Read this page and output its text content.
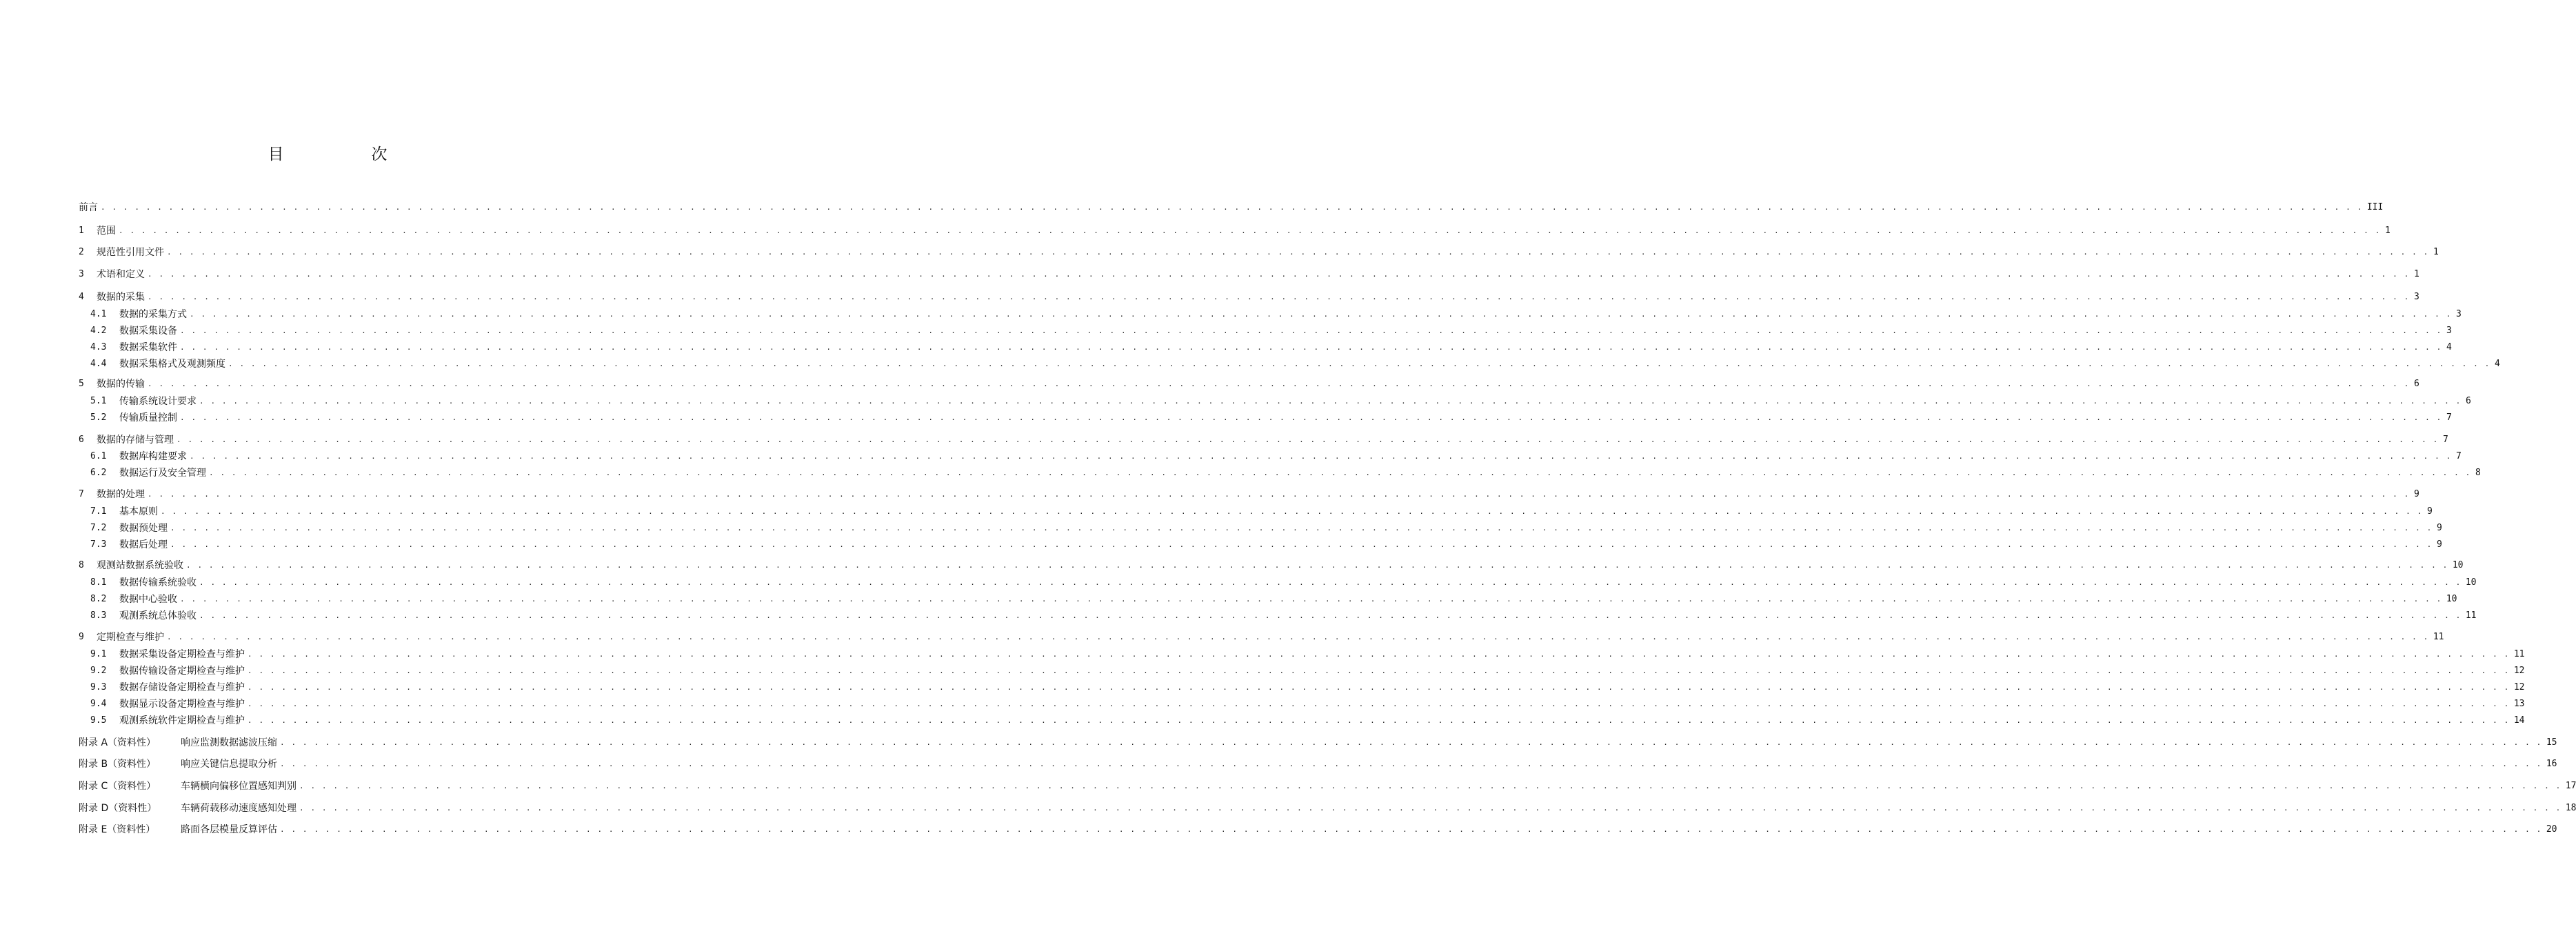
目　次
前言 . . . . . . . . . . . . . . . . . . . . . . . . . . . . . . . . . . . . . . . . . . . . . . . . . . . . . . . . . . . . . . . . . . . . . . . . . . . . . . . . . . . . . . . . . . . . . . . . . . . . . . . . . . . . . . . . . . . . . . . . . . . . . . . . . . . . . . . . . . . . . . . . . . . . . . . . . . . . . . . . . . . . . . . . . . . . . . . . . . . . . . . . . . . . . . . . . . . . . . . . III
1	范围 . . . . . . . . . . . . . . . . . . . . . . . . . . . . . . . . . . . . . . . . . . . . . . . . . . . . . . . . . . . . . . . . . . . . . . . . . . . . . . . . . . . . . . . . . . . . . . . . . . . . . . . . . . . . . . . . . . . . . . . . . . . . . . . . . . . . . . . . . . . . . . . . . . . . . . . . . . . . . . . . . . . . . . . . . . . . . . . . . . . . . . . . . . . . . . . . . . . . . . . . 1
2	规范性引用文件 . . . . . . . . . . . . . . . . . . . . . . . . . . . . . . . . . . . . . . . . . . . . . . . . . . . . . . . . . . . . . . . . . . . . . . . . . . . . . . . . . . . . . . . . . . . . . . . . . . . . . . . . . . . . . . . . . . . . . . . . . . . . . . . . . . . . . . . . . . . . . . . . . . . . . . . . . . . . . . . . . . . . . . . . . . . . . . . . . . . . . . . . . . . . . . . . . . . . . . . . 1
3	术语和定义 . . . . . . . . . . . . . . . . . . . . . . . . . . . . . . . . . . . . . . . . . . . . . . . . . . . . . . . . . . . . . . . . . . . . . . . . . . . . . . . . . . . . . . . . . . . . . . . . . . . . . . . . . . . . . . . . . . . . . . . . . . . . . . . . . . . . . . . . . . . . . . . . . . . . . . . . . . . . . . . . . . . . . . . . . . . . . . . . . . . . . . . . . . . . . . . . . . . . . . . . 1
4	数据的采集 . . . . . . . . . . . . . . . . . . . . . . . . . . . . . . . . . . . . . . . . . . . . . . . . . . . . . . . . . . . . . . . . . . . . . . . . . . . . . . . . . . . . . . . . . . . . . . . . . . . . . . . . . . . . . . . . . . . . . . . . . . . . . . . . . . . . . . . . . . . . . . . . . . . . . . . . . . . . . . . . . . . . . . . . . . . . . . . . . . . . . . . . . . . . . . . . . . . . . . . . 3
4.1	数据的采集方式 . . . . . . . . . . . . . . . . . . . . . . . . . . . . . . . . . . . . . . . . . . . . . . . . . . . . . . . . . . . . . . . . . . . . . . . . . . . . . . . . . . . . . . . . . . . . . . . . . . . . . . . . . . . . . . . . . . . . . . . . . . . . . . . . . . . . . . . . . . . . . . . . . . . . . . . . . . . . . . . . . . . . . . . . . . . . . . . . . . . . . . . . . . . . . . . . . . . . . . . . 3
4.2	数据采集设备 . . . . . . . . . . . . . . . . . . . . . . . . . . . . . . . . . . . . . . . . . . . . . . . . . . . . . . . . . . . . . . . . . . . . . . . . . . . . . . . . . . . . . . . . . . . . . . . . . . . . . . . . . . . . . . . . . . . . . . . . . . . . . . . . . . . . . . . . . . . . . . . . . . . . . . . . . . . . . . . . . . . . . . . . . . . . . . . . . . . . . . . . . . . . . . . . . . . . . . . . 3
4.3	数据采集软件 . . . . . . . . . . . . . . . . . . . . . . . . . . . . . . . . . . . . . . . . . . . . . . . . . . . . . . . . . . . . . . . . . . . . . . . . . . . . . . . . . . . . . . . . . . . . . . . . . . . . . . . . . . . . . . . . . . . . . . . . . . . . . . . . . . . . . . . . . . . . . . . . . . . . . . . . . . . . . . . . . . . . . . . . . . . . . . . . . . . . . . . . . . . . . . . . . . . . . . . . 4
4.4	数据采集格式及观测频度 . . . . . . . . . . . . . . . . . . . . . . . . . . . . . . . . . . . . . . . . . . . . . . . . . . . . . . . . . . . . . . . . . . . . . . . . . . . . . . . . . . . . . . . . . . . . . . . . . . . . . . . . . . . . . . . . . . . . . . . . . . . . . . . . . . . . . . . . . . . . . . . . . . . . . . . . . . . . . . . . . . . . . . . . . . . . . . . . . . . . . . . . . . . . . . . . . . . . . . . . 4
5	数据的传输 . . . . . . . . . . . . . . . . . . . . . . . . . . . . . . . . . . . . . . . . . . . . . . . . . . . . . . . . . . . . . . . . . . . . . . . . . . . . . . . . . . . . . . . . . . . . . . . . . . . . . . . . . . . . . . . . . . . . . . . . . . . . . . . . . . . . . . . . . . . . . . . . . . . . . . . . . . . . . . . . . . . . . . . . . . . . . . . . . . . . . . . . . . . . . . . . . . . . . . . . 6
5.1	传输系统设计要求 . . . . . . . . . . . . . . . . . . . . . . . . . . . . . . . . . . . . . . . . . . . . . . . . . . . . . . . . . . . . . . . . . . . . . . . . . . . . . . . . . . . . . . . . . . . . . . . . . . . . . . . . . . . . . . . . . . . . . . . . . . . . . . . . . . . . . . . . . . . . . . . . . . . . . . . . . . . . . . . . . . . . . . . . . . . . . . . . . . . . . . . . . . . . . . . . . . . . . . . . 6
5.2	传输质量控制 . . . . . . . . . . . . . . . . . . . . . . . . . . . . . . . . . . . . . . . . . . . . . . . . . . . . . . . . . . . . . . . . . . . . . . . . . . . . . . . . . . . . . . . . . . . . . . . . . . . . . . . . . . . . . . . . . . . . . . . . . . . . . . . . . . . . . . . . . . . . . . . . . . . . . . . . . . . . . . . . . . . . . . . . . . . . . . . . . . . . . . . . . . . . . . . . . . . . . . . . 7
6	数据的存储与管理 . . . . . . . . . . . . . . . . . . . . . . . . . . . . . . . . . . . . . . . . . . . . . . . . . . . . . . . . . . . . . . . . . . . . . . . . . . . . . . . . . . . . . . . . . . . . . . . . . . . . . . . . . . . . . . . . . . . . . . . . . . . . . . . . . . . . . . . . . . . . . . . . . . . . . . . . . . . . . . . . . . . . . . . . . . . . . . . . . . . . . . . . . . . . . . . . . . . . . . . . 7
6.1	数据库构建要求 . . . . . . . . . . . . . . . . . . . . . . . . . . . . . . . . . . . . . . . . . . . . . . . . . . . . . . . . . . . . . . . . . . . . . . . . . . . . . . . . . . . . . . . . . . . . . . . . . . . . . . . . . . . . . . . . . . . . . . . . . . . . . . . . . . . . . . . . . . . . . . . . . . . . . . . . . . . . . . . . . . . . . . . . . . . . . . . . . . . . . . . . . . . . . . . . . . . . . . . . 7
6.2	数据运行及安全管理 . . . . . . . . . . . . . . . . . . . . . . . . . . . . . . . . . . . . . . . . . . . . . . . . . . . . . . . . . . . . . . . . . . . . . . . . . . . . . . . . . . . . . . . . . . . . . . . . . . . . . . . . . . . . . . . . . . . . . . . . . . . . . . . . . . . . . . . . . . . . . . . . . . . . . . . . . . . . . . . . . . . . . . . . . . . . . . . . . . . . . . . . . . . . . . . . . . . . . . . . 8
7	数据的处理 . . . . . . . . . . . . . . . . . . . . . . . . . . . . . . . . . . . . . . . . . . . . . . . . . . . . . . . . . . . . . . . . . . . . . . . . . . . . . . . . . . . . . . . . . . . . . . . . . . . . . . . . . . . . . . . . . . . . . . . . . . . . . . . . . . . . . . . . . . . . . . . . . . . . . . . . . . . . . . . . . . . . . . . . . . . . . . . . . . . . . . . . . . . . . . . . . . . . . . . . 9
7.1	基本原则 . . . . . . . . . . . . . . . . . . . . . . . . . . . . . . . . . . . . . . . . . . . . . . . . . . . . . . . . . . . . . . . . . . . . . . . . . . . . . . . . . . . . . . . . . . . . . . . . . . . . . . . . . . . . . . . . . . . . . . . . . . . . . . . . . . . . . . . . . . . . . . . . . . . . . . . . . . . . . . . . . . . . . . . . . . . . . . . . . . . . . . . . . . . . . . . . . . . . . . . . 9
7.2	数据预处理 . . . . . . . . . . . . . . . . . . . . . . . . . . . . . . . . . . . . . . . . . . . . . . . . . . . . . . . . . . . . . . . . . . . . . . . . . . . . . . . . . . . . . . . . . . . . . . . . . . . . . . . . . . . . . . . . . . . . . . . . . . . . . . . . . . . . . . . . . . . . . . . . . . . . . . . . . . . . . . . . . . . . . . . . . . . . . . . . . . . . . . . . . . . . . . . . . . . . . . . . 9
7.3	数据后处理 . . . . . . . . . . . . . . . . . . . . . . . . . . . . . . . . . . . . . . . . . . . . . . . . . . . . . . . . . . . . . . . . . . . . . . . . . . . . . . . . . . . . . . . . . . . . . . . . . . . . . . . . . . . . . . . . . . . . . . . . . . . . . . . . . . . . . . . . . . . . . . . . . . . . . . . . . . . . . . . . . . . . . . . . . . . . . . . . . . . . . . . . . . . . . . . . . . . . . . . . 9
8	观测站数据系统验收 . . . . . . . . . . . . . . . . . . . . . . . . . . . . . . . . . . . . . . . . . . . . . . . . . . . . . . . . . . . . . . . . . . . . . . . . . . . . . . . . . . . . . . . . . . . . . . . . . . . . . . . . . . . . . . . . . . . . . . . . . . . . . . . . . . . . . . . . . . . . . . . . . . . . . . . . . . . . . . . . . . . . . . . . . . . . . . . . . . . . . . . . . . . . . . . . . . . . . . . . 10
8.1	数据传输系统验收 . . . . . . . . . . . . . . . . . . . . . . . . . . . . . . . . . . . . . . . . . . . . . . . . . . . . . . . . . . . . . . . . . . . . . . . . . . . . . . . . . . . . . . . . . . . . . . . . . . . . . . . . . . . . . . . . . . . . . . . . . . . . . . . . . . . . . . . . . . . . . . . . . . . . . . . . . . . . . . . . . . . . . . . . . . . . . . . . . . . . . . . . . . . . . . . . . . . . . . . . 10
8.2	数据中心验收 . . . . . . . . . . . . . . . . . . . . . . . . . . . . . . . . . . . . . . . . . . . . . . . . . . . . . . . . . . . . . . . . . . . . . . . . . . . . . . . . . . . . . . . . . . . . . . . . . . . . . . . . . . . . . . . . . . . . . . . . . . . . . . . . . . . . . . . . . . . . . . . . . . . . . . . . . . . . . . . . . . . . . . . . . . . . . . . . . . . . . . . . . . . . . . . . . . . . . . . . 10
8.3	观测系统总体验收 . . . . . . . . . . . . . . . . . . . . . . . . . . . . . . . . . . . . . . . . . . . . . . . . . . . . . . . . . . . . . . . . . . . . . . . . . . . . . . . . . . . . . . . . . . . . . . . . . . . . . . . . . . . . . . . . . . . . . . . . . . . . . . . . . . . . . . . . . . . . . . . . . . . . . . . . . . . . . . . . . . . . . . . . . . . . . . . . . . . . . . . . . . . . . . . . . . . . . . . . 11
9	定期检查与维护 . . . . . . . . . . . . . . . . . . . . . . . . . . . . . . . . . . . . . . . . . . . . . . . . . . . . . . . . . . . . . . . . . . . . . . . . . . . . . . . . . . . . . . . . . . . . . . . . . . . . . . . . . . . . . . . . . . . . . . . . . . . . . . . . . . . . . . . . . . . . . . . . . . . . . . . . . . . . . . . . . . . . . . . . . . . . . . . . . . . . . . . . . . . . . . . . . . . . . . . . 11
9.1	数据采集设备定期检查与维护 . . . . . . . . . . . . . . . . . . . . . . . . . . . . . . . . . . . . . . . . . . . . . . . . . . . . . . . . . . . . . . . . . . . . . . . . . . . . . . . . . . . . . . . . . . . . . . . . . . . . . . . . . . . . . . . . . . . . . . . . . . . . . . . . . . . . . . . . . . . . . . . . . . . . . . . . . . . . . . . . . . . . . . . . . . . . . . . . . . . . . . . . . . . . . . . . . . . . . . . . 11
9.2	数据传输设备定期检查与维护 . . . . . . . . . . . . . . . . . . . . . . . . . . . . . . . . . . . . . . . . . . . . . . . . . . . . . . . . . . . . . . . . . . . . . . . . . . . . . . . . . . . . . . . . . . . . . . . . . . . . . . . . . . . . . . . . . . . . . . . . . . . . . . . . . . . . . . . . . . . . . . . . . . . . . . . . . . . . . . . . . . . . . . . . . . . . . . . . . . . . . . . . . . . . . . . . . . . . . . . . 12
9.3	数据存储设备定期检查与维护 . . . . . . . . . . . . . . . . . . . . . . . . . . . . . . . . . . . . . . . . . . . . . . . . . . . . . . . . . . . . . . . . . . . . . . . . . . . . . . . . . . . . . . . . . . . . . . . . . . . . . . . . . . . . . . . . . . . . . . . . . . . . . . . . . . . . . . . . . . . . . . . . . . . . . . . . . . . . . . . . . . . . . . . . . . . . . . . . . . . . . . . . . . . . . . . . . . . . . . . . 12
9.4	数据显示设备定期检查与维护 . . . . . . . . . . . . . . . . . . . . . . . . . . . . . . . . . . . . . . . . . . . . . . . . . . . . . . . . . . . . . . . . . . . . . . . . . . . . . . . . . . . . . . . . . . . . . . . . . . . . . . . . . . . . . . . . . . . . . . . . . . . . . . . . . . . . . . . . . . . . . . . . . . . . . . . . . . . . . . . . . . . . . . . . . . . . . . . . . . . . . . . . . . . . . . . . . . . . . . . . 13
9.5	观测系统软件定期检查与维护 . . . . . . . . . . . . . . . . . . . . . . . . . . . . . . . . . . . . . . . . . . . . . . . . . . . . . . . . . . . . . . . . . . . . . . . . . . . . . . . . . . . . . . . . . . . . . . . . . . . . . . . . . . . . . . . . . . . . . . . . . . . . . . . . . . . . . . . . . . . . . . . . . . . . . . . . . . . . . . . . . . . . . . . . . . . . . . . . . . . . . . . . . . . . . . . . . . . . . . . . 14
附录 A（资料性）	响应监测数据滤波压缩 . . . . . . . . . . . . . . . . . . . . . . . . . . . . . . . . . . . . . . . . . . . . . . . . . . . . . . . . . . . . . . . . . . . . . . . . . . . . . . . . . . . . . . . . . . . . . . . . . . . . . . . . . . . . . . . . . . . . . . . . . . . . . . . . . . . . . . . . . . . . . . . . . . . . . . . . . . . . . . . . . . . . . . . . . . . . . . . . . . . . . . . . . . . . . . . . . . . . . . . . 15
附录 B（资料性）	响应关键信息提取分析 . . . . . . . . . . . . . . . . . . . . . . . . . . . . . . . . . . . . . . . . . . . . . . . . . . . . . . . . . . . . . . . . . . . . . . . . . . . . . . . . . . . . . . . . . . . . . . . . . . . . . . . . . . . . . . . . . . . . . . . . . . . . . . . . . . . . . . . . . . . . . . . . . . . . . . . . . . . . . . . . . . . . . . . . . . . . . . . . . . . . . . . . . . . . . . . . . . . . . . . . 16
附录 C（资料性）	车辆横向偏移位置感知判别 . . . . . . . . . . . . . . . . . . . . . . . . . . . . . . . . . . . . . . . . . . . . . . . . . . . . . . . . . . . . . . . . . . . . . . . . . . . . . . . . . . . . . . . . . . . . . . . . . . . . . . . . . . . . . . . . . . . . . . . . . . . . . . . . . . . . . . . . . . . . . . . . . . . . . . . . . . . . . . . . . . . . . . . . . . . . . . . . . . . . . . . . . . . . . . . . . . . . . . . . 17
附录 D（资料性）	车辆荷载移动速度感知处理 . . . . . . . . . . . . . . . . . . . . . . . . . . . . . . . . . . . . . . . . . . . . . . . . . . . . . . . . . . . . . . . . . . . . . . . . . . . . . . . . . . . . . . . . . . . . . . . . . . . . . . . . . . . . . . . . . . . . . . . . . . . . . . . . . . . . . . . . . . . . . . . . . . . . . . . . . . . . . . . . . . . . . . . . . . . . . . . . . . . . . . . . . . . . . . . . . . . . . . . . 18
附录 E（资料性）	路面各层模量反算评估 . . . . . . . . . . . . . . . . . . . . . . . . . . . . . . . . . . . . . . . . . . . . . . . . . . . . . . . . . . . . . . . . . . . . . . . . . . . . . . . . . . . . . . . . . . . . . . . . . . . . . . . . . . . . . . . . . . . . . . . . . . . . . . . . . . . . . . . . . . . . . . . . . . . . . . . . . . . . . . . . . . . . . . . . . . . . . . . . . . . . . . . . . . . . . . . . . . . . . . . . 20
